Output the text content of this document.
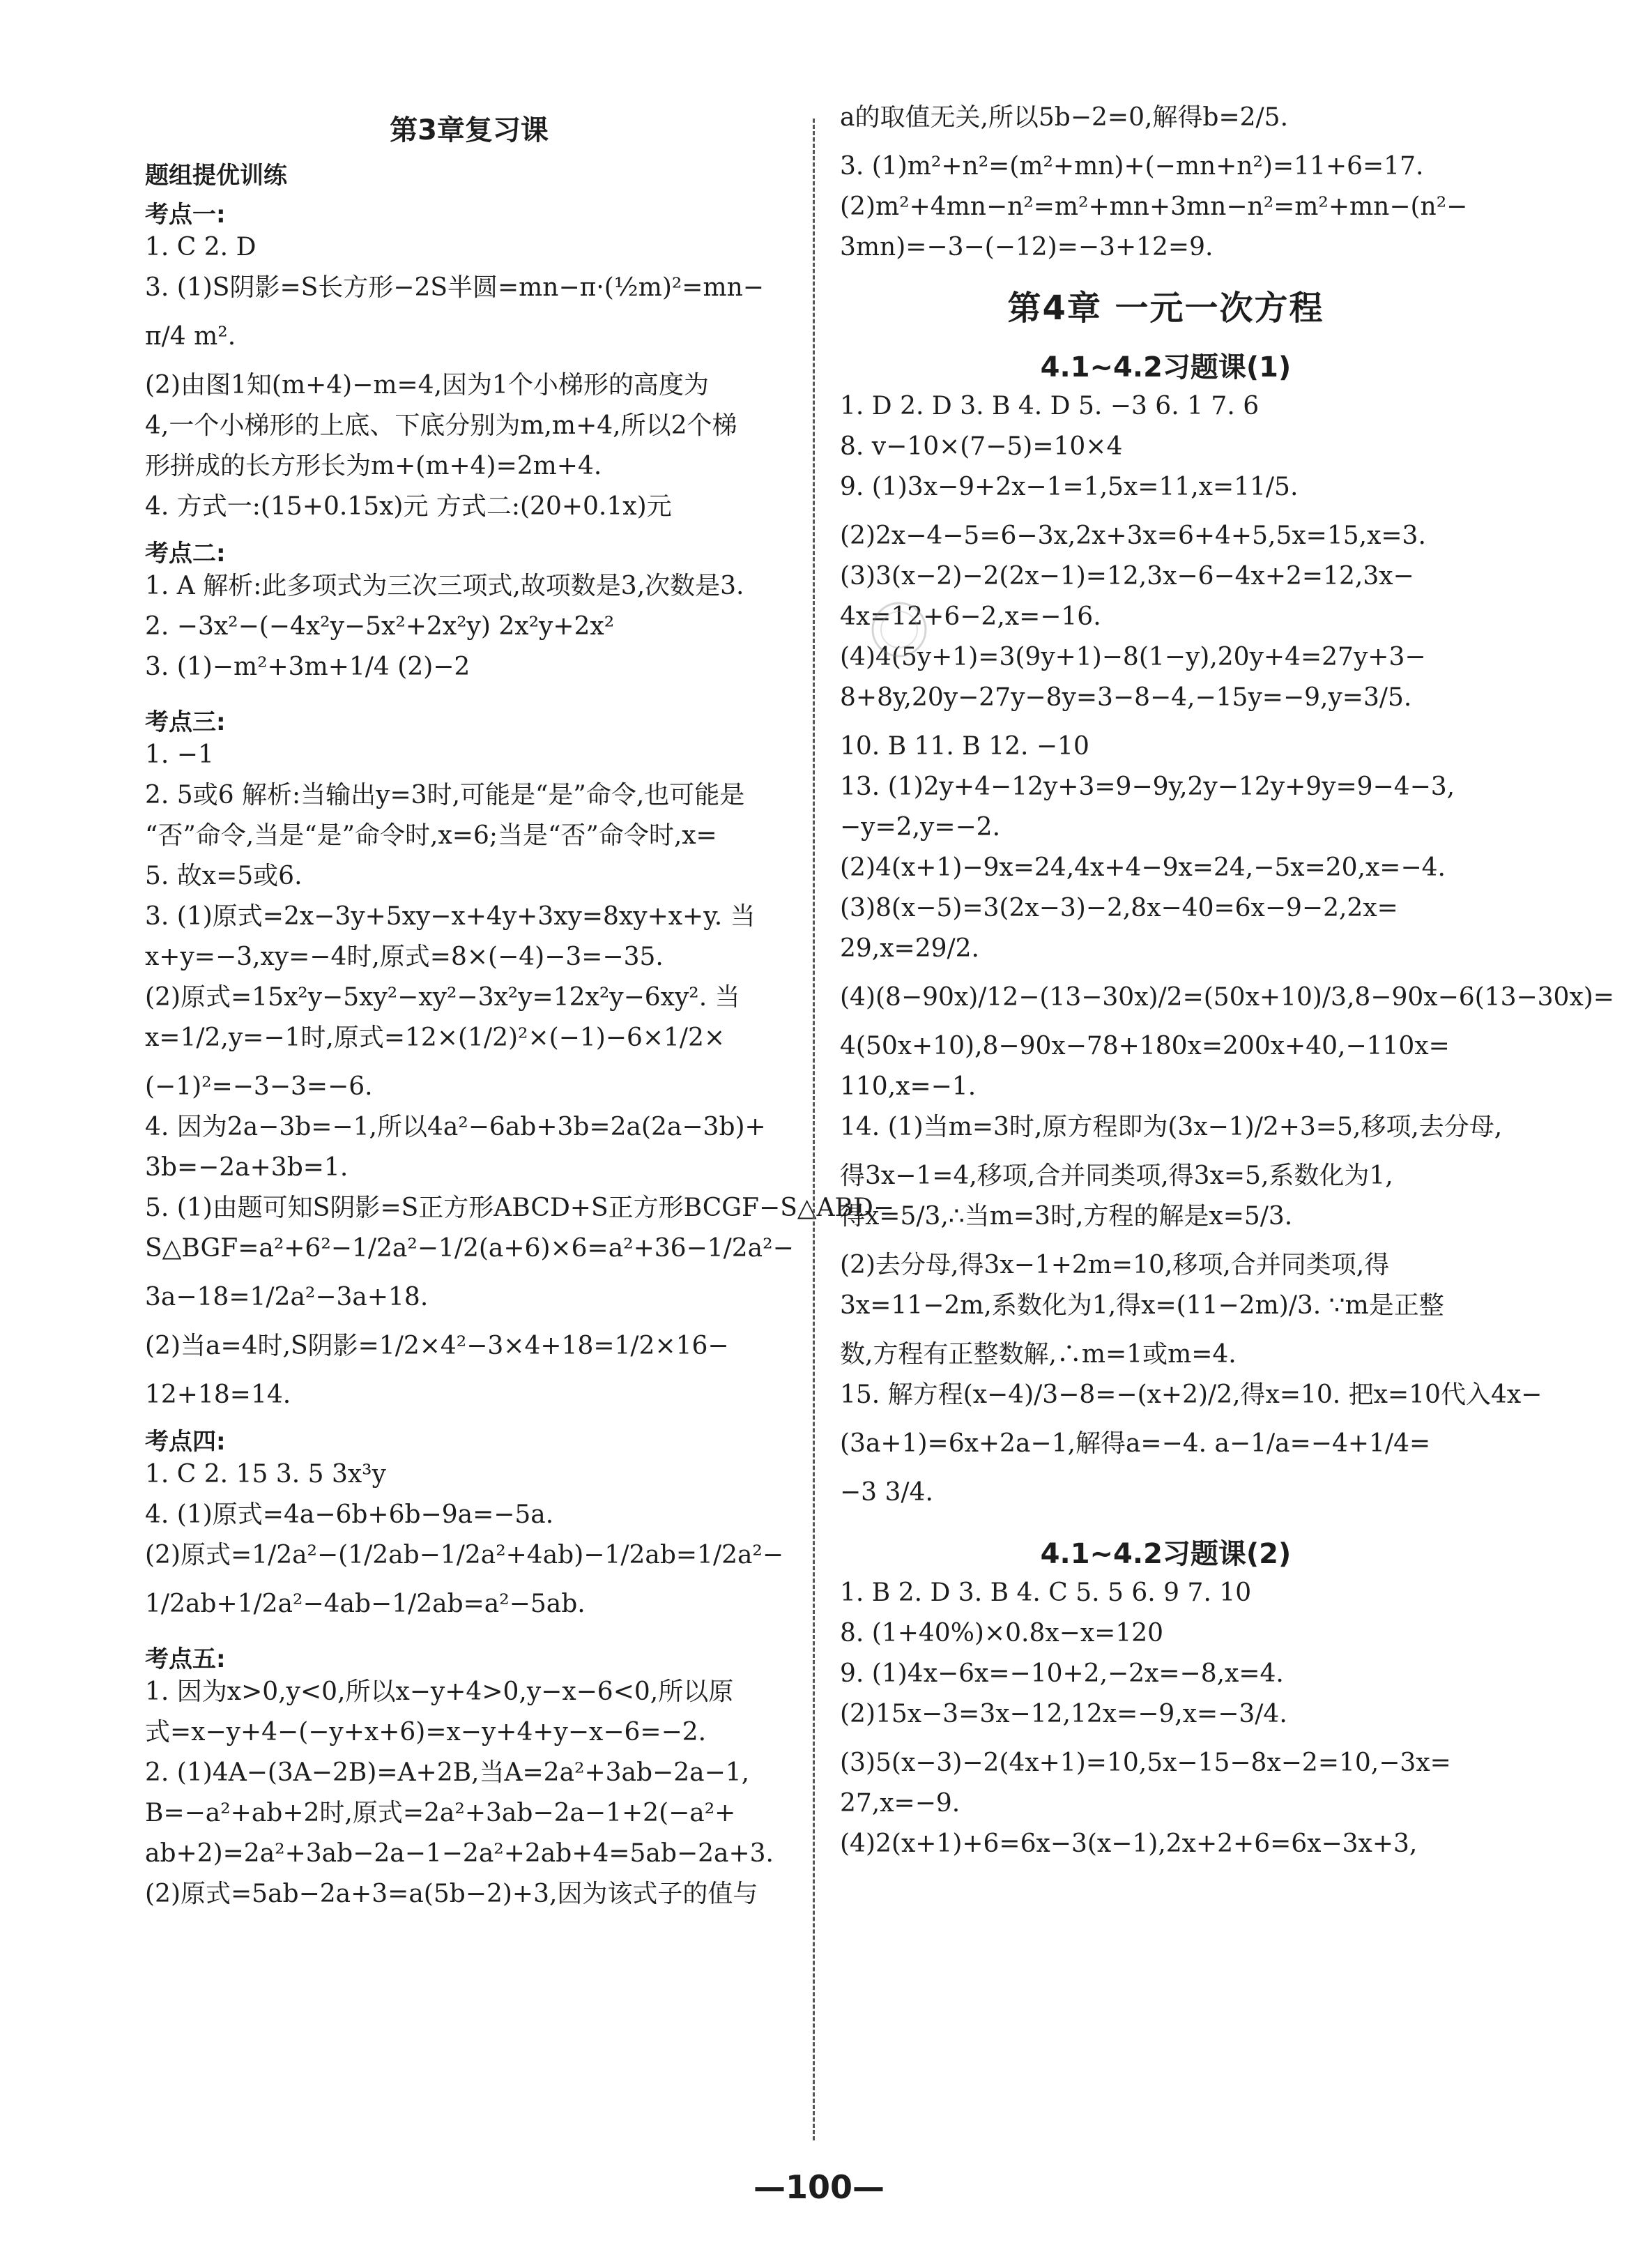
第3章复习课
题组提优训练
考点一:
1. C 2. D
3. (1)S阴影=S长方形−2S半圆=mn−π·(½m)²=mn−
π/4 m².
(2)由图1知(m+4)−m=4,因为1个小梯形的高度为
4,一个小梯形的上底、下底分别为m,m+4,所以2个梯
形拼成的长方形长为m+(m+4)=2m+4.
4. 方式一:(15+0.15x)元 方式二:(20+0.1x)元
考点二:
1. A 解析:此多项式为三次三项式,故项数是3,次数是3.
2. −3x²−(−4x²y−5x²+2x²y) 2x²y+2x²
3. (1)−m²+3m+1/4 (2)−2
考点三:
1. −1
2. 5或6 解析:当输出y=3时,可能是“是”命令,也可能是
“否”命令,当是“是”命令时,x=6;当是“否”命令时,x=
5. 故x=5或6.
3. (1)原式=2x−3y+5xy−x+4y+3xy=8xy+x+y. 当
x+y=−3,xy=−4时,原式=8×(−4)−3=−35.
(2)原式=15x²y−5xy²−xy²−3x²y=12x²y−6xy². 当
x=1/2,y=−1时,原式=12×(1/2)²×(−1)−6×1/2×
(−1)²=−3−3=−6.
4. 因为2a−3b=−1,所以4a²−6ab+3b=2a(2a−3b)+
3b=−2a+3b=1.
5. (1)由题可知S阴影=S正方形ABCD+S正方形BCGF−S△ABD−
S△BGF=a²+6²−1/2a²−1/2(a+6)×6=a²+36−1/2a²−
3a−18=1/2a²−3a+18.
(2)当a=4时,S阴影=1/2×4²−3×4+18=1/2×16−
12+18=14.
考点四:
1. C 2. 15 3. 5 3x³y
4. (1)原式=4a−6b+6b−9a=−5a.
(2)原式=1/2a²−(1/2ab−1/2a²+4ab)−1/2ab=1/2a²−
1/2ab+1/2a²−4ab−1/2ab=a²−5ab.
考点五:
1. 因为x>0,y<0,所以x−y+4>0,y−x−6<0,所以原
式=x−y+4−(−y+x+6)=x−y+4+y−x−6=−2.
2. (1)4A−(3A−2B)=A+2B,当A=2a²+3ab−2a−1,
B=−a²+ab+2时,原式=2a²+3ab−2a−1+2(−a²+
ab+2)=2a²+3ab−2a−1−2a²+2ab+4=5ab−2a+3.
(2)原式=5ab−2a+3=a(5b−2)+3,因为该式子的值与
a的取值无关,所以5b−2=0,解得b=2/5.
3. (1)m²+n²=(m²+mn)+(−mn+n²)=11+6=17.
(2)m²+4mn−n²=m²+mn+3mn−n²=m²+mn−(n²−
3mn)=−3−(−12)=−3+12=9.
第4章 一元一次方程
4.1~4.2习题课(1)
1. D 2. D 3. B 4. D 5. −3 6. 1 7. 6
8. v−10×(7−5)=10×4
9. (1)3x−9+2x−1=1,5x=11,x=11/5.
(2)2x−4−5=6−3x,2x+3x=6+4+5,5x=15,x=3.
(3)3(x−2)−2(2x−1)=12,3x−6−4x+2=12,3x−
4x=12+6−2,x=−16.
(4)4(5y+1)=3(9y+1)−8(1−y),20y+4=27y+3−
8+8y,20y−27y−8y=3−8−4,−15y=−9,y=3/5.
10. B 11. B 12. −10
13. (1)2y+4−12y+3=9−9y,2y−12y+9y=9−4−3,
−y=2,y=−2.
(2)4(x+1)−9x=24,4x+4−9x=24,−5x=20,x=−4.
(3)8(x−5)=3(2x−3)−2,8x−40=6x−9−2,2x=
29,x=29/2.
(4)(8−90x)/12−(13−30x)/2=(50x+10)/3,8−90x−6(13−30x)=
4(50x+10),8−90x−78+180x=200x+40,−110x=
110,x=−1.
14. (1)当m=3时,原方程即为(3x−1)/2+3=5,移项,去分母,
得3x−1=4,移项,合并同类项,得3x=5,系数化为1,
得x=5/3,∴当m=3时,方程的解是x=5/3.
(2)去分母,得3x−1+2m=10,移项,合并同类项,得
3x=11−2m,系数化为1,得x=(11−2m)/3. ∵m是正整
数,方程有正整数解,∴m=1或m=4.
15. 解方程(x−4)/3−8=−(x+2)/2,得x=10. 把x=10代入4x−
(3a+1)=6x+2a−1,解得a=−4. a−1/a=−4+1/4=
−3 3/4.
4.1~4.2习题课(2)
1. B 2. D 3. B 4. C 5. 5 6. 9 7. 10
8. (1+40%)×0.8x−x=120
9. (1)4x−6x=−10+2,−2x=−8,x=4.
(2)15x−3=3x−12,12x=−9,x=−3/4.
(3)5(x−3)−2(4x+1)=10,5x−15−8x−2=10,−3x=
27,x=−9.
(4)2(x+1)+6=6x−3(x−1),2x+2+6=6x−3x+3,
—100—
